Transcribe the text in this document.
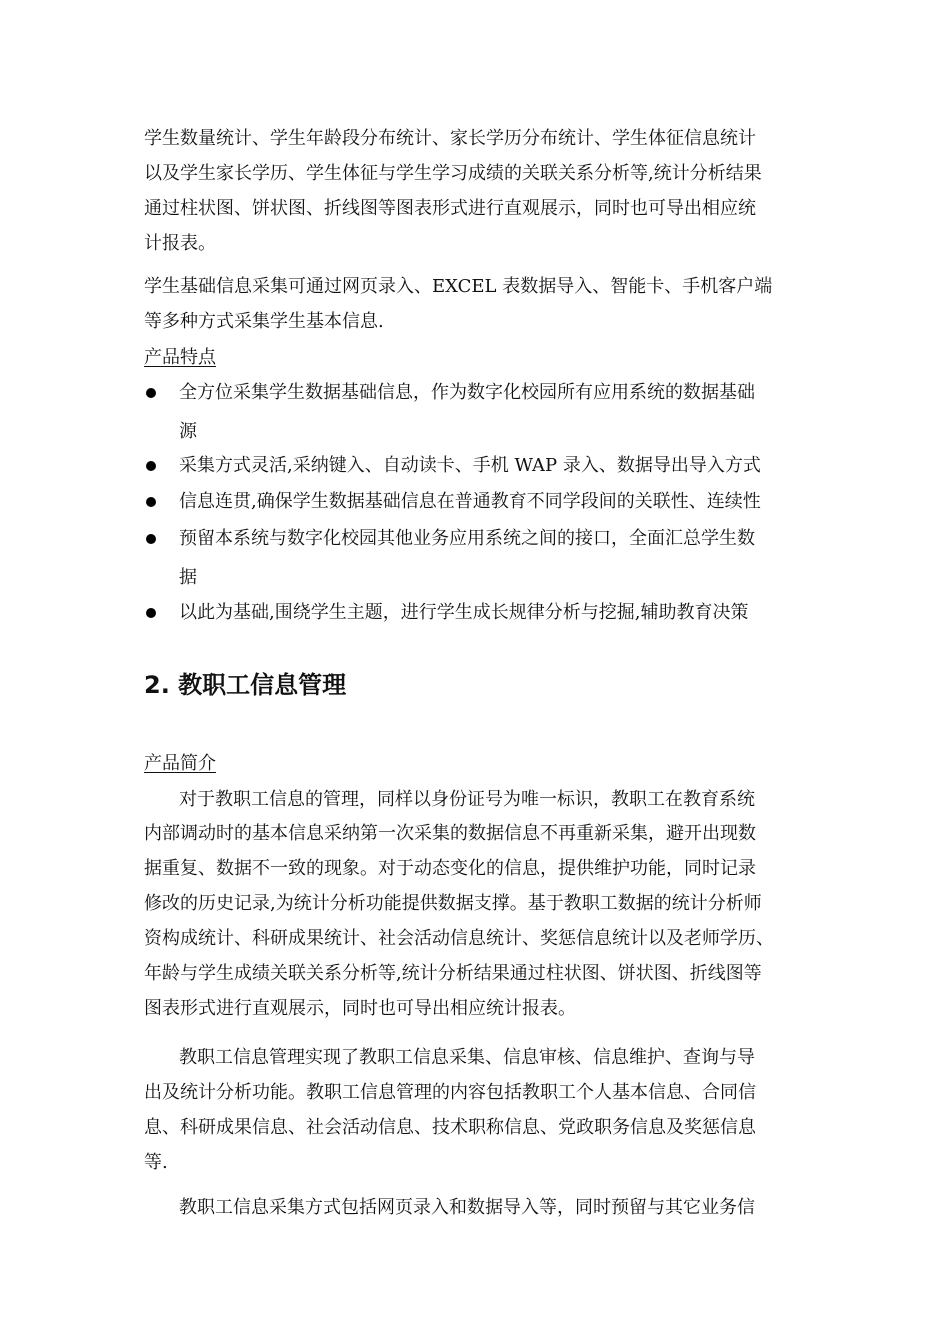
学生数量统计、学生年龄段分布统计、家长学历分布统计、学生体征信息统计
以及学生家长学历、学生体征与学生学习成绩的关联关系分析等,统计分析结果
通过柱状图、饼状图、折线图等图表形式进行直观展示，同时也可导出相应统
计报表。
学生基础信息采集可通过网页录入、EXCEL 表数据导入、智能卡、手机客户端
等多种方式采集学生基本信息.
产品特点
全方位采集学生数据基础信息，作为数字化校园所有应用系统的数据基础
源
采集方式灵活,采纳键入、自动读卡、手机 WAP 录入、数据导出导入方式
信息连贯,确保学生数据基础信息在普通教育不同学段间的关联性、连续性
预留本系统与数字化校园其他业务应用系统之间的接口，全面汇总学生数
据
以此为基础,围绕学生主题，进行学生成长规律分析与挖掘,辅助教育决策
2. 教职工信息管理
产品简介
对于教职工信息的管理，同样以身份证号为唯一标识，教职工在教育系统
内部调动时的基本信息采纳第一次采集的数据信息不再重新采集，避开出现数
据重复、数据不一致的现象。对于动态变化的信息，提供维护功能，同时记录
修改的历史记录,为统计分析功能提供数据支撑。基于教职工数据的统计分析师
资构成统计、科研成果统计、社会活动信息统计、奖惩信息统计以及老师学历、
年龄与学生成绩关联关系分析等,统计分析结果通过柱状图、饼状图、折线图等
图表形式进行直观展示，同时也可导出相应统计报表。
教职工信息管理实现了教职工信息采集、信息审核、信息维护、查询与导
出及统计分析功能。教职工信息管理的内容包括教职工个人基本信息、合同信
息、科研成果信息、社会活动信息、技术职称信息、党政职务信息及奖惩信息
等.
教职工信息采集方式包括网页录入和数据导入等，同时预留与其它业务信
